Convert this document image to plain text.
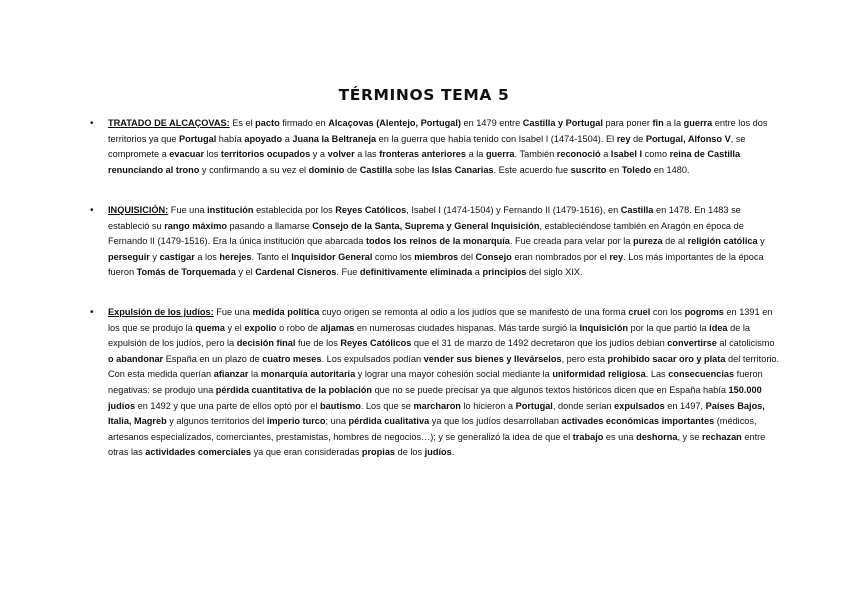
TÉRMINOS TEMA 5
• TRATADO DE ALCAÇOVAS: Es el pacto firmado en Alcaçovas (Alentejo, Portugal) en 1479 entre Castilla y Portugal para poner fin a la guerra entre los dos territorios ya que Portugal había apoyado a Juana la Beltraneja en la guerra que había tenido con Isabel I (1474-1504). El rey de Portugal, Alfonso V, se compromete a evacuar los territorios ocupados y a volver a las fronteras anteriores a la guerra. También reconoció a Isabel I como reina de Castilla renunciando al trono y confirmando a su vez el dominio de Castilla sobe las Islas Canarias. Este acuerdo fue suscrito en Toledo en 1480.
• INQUISICIÓN: Fue una institución establecida por los Reyes Católicos, Isabel I (1474-1504) y Fernando II (1479-1516), en Castilla en 1478. En 1483 se estableció su rango máximo pasando a llamarse Consejo de la Santa, Suprema y General Inquisición, estableciéndose también en Aragón en época de Fernando II (1479-1516). Era la única institución que abarcada todos los reinos de la monarquía. Fue creada para velar por la pureza de al religión católica y perseguir y castigar a los herejes. Tanto el Inquisidor General como los miembros del Consejo eran nombrados por el rey. Los más importantes de la época fueron Tomás de Torquemada y el Cardenal Cisneros. Fue definitivamente eliminada a principios del siglo XIX.
• Expulsión de los judíos: Fue una medida política cuyo origen se remonta al odio a los judíos que se manifestó de una forma cruel con los pogroms en 1391 en los que se produjo la quema y el expolio o robo de aljamas en numerosas ciudades hispanas. Más tarde surgió la Inquisición por la que partió la idea de la expulsión de los judíos, pero la decisión final fue de los Reyes Católicos que el 31 de marzo de 1492 decretaron que los judíos debían convertirse al catolicismo o abandonar España en un plazo de cuatro meses. Los expulsados podían vender sus bienes y llevárselos, pero esta prohibido sacar oro y plata del territorio. Con esta medida querían afianzar la monarquía autoritaria y lograr una mayor cohesión social mediante la uniformidad religiosa. Las consecuencias fueron negativas: se produjo una pérdida cuantitativa de la población que no se puede precisar ya que algunos textos históricos dicen que en España había 150.000 judíos en 1492 y que una parte de ellos optó por el bautismo. Los que se marcharon lo hicieron a Portugal, donde serían expulsados en 1497, Países Bajos, Italia, Magreb y algunos territorios del imperio turco; una pérdida cualitativa ya que los judíos desarrollaban activades económicas importantes (médicos, artesanos especializados, comerciantes, prestamistas, hombres de negocios…); y se generalizó la idea de que el trabajo es una deshorna, y se rechazan entre otras las actividades comerciales ya que eran consideradas propias de los judíos.
